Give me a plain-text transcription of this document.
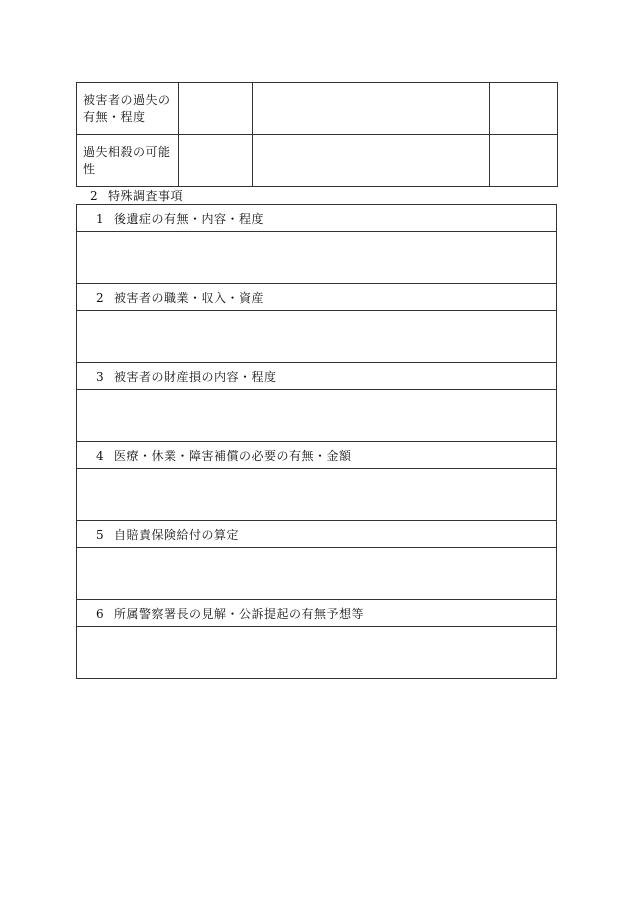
被害者の過失の有無・程度			
過失相殺の可能性			
2 特殊調査事項
1 後遺症の有無・内容・程度

2 被害者の職業・収入・資産

3 被害者の財産損の内容・程度

4 医療・休業・障害補償の必要の有無・金額

5 自賠責保険給付の算定

6 所属警察署長の見解・公訴提起の有無予想等
